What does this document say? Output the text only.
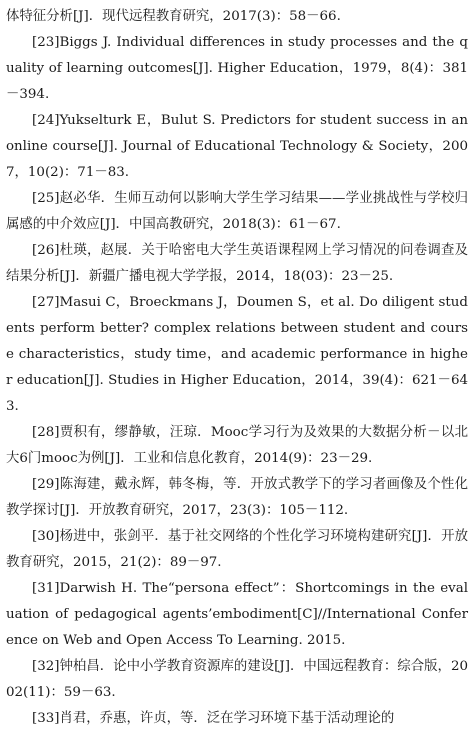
体特征分析[J]．现代远程教育研究，2017(3)：58－66.

[23]Biggs J. Individual differences in study processes and the quality of learning outcomes[J]. Higher Education，1979，8(4)：381－394.

[24]Yukselturk E，Bulut S. Predictors for student success in an online course[J]. Journal of Educational Technology & Society，2007，10(2)：71－83.

[25]赵必华．生师互动何以影响大学生学习结果——学业挑战性与学校归属感的中介效应[J]．中国高教研究，2018(3)：61－67.

[26]杜瑛，赵展．关于哈密电大学生英语课程网上学习情况的问卷调查及结果分析[J]．新疆广播电视大学学报，2014，18(03)：23－25.

[27]Masui C，Broeckmans J，Doumen S，et al. Do diligent students perform better? complex relations between student and course characteristics，study time，and academic performance in higher education[J]. Studies in Higher Education，2014，39(4)：621－643.

[28]贾积有，缪静敏，汪琼．Mooc学习行为及效果的大数据分析－以北大6门mooc为例[J]．工业和信息化教育，2014(9)：23－29.

[29]陈海建，戴永辉，韩冬梅，等．开放式教学下的学习者画像及个性化教学探讨[J]．开放教育研究，2017，23(3)：105－112.

[30]杨进中，张剑平．基于社交网络的个性化学习环境构建研究[J]．开放教育研究，2015，21(2)：89－97.

[31]Darwish H. The“persona effect”：Shortcomings in the evaluation of pedagogical agents’embodiment[C]//International Conference on Web and Open Access To Learning. 2015.

[32]钟柏昌．论中小学教育资源库的建设[J]．中国远程教育：综合版，2002(11)：59－63.

[33]肖君，乔惠，许贞，等．泛在学习环境下基于活动理论的
